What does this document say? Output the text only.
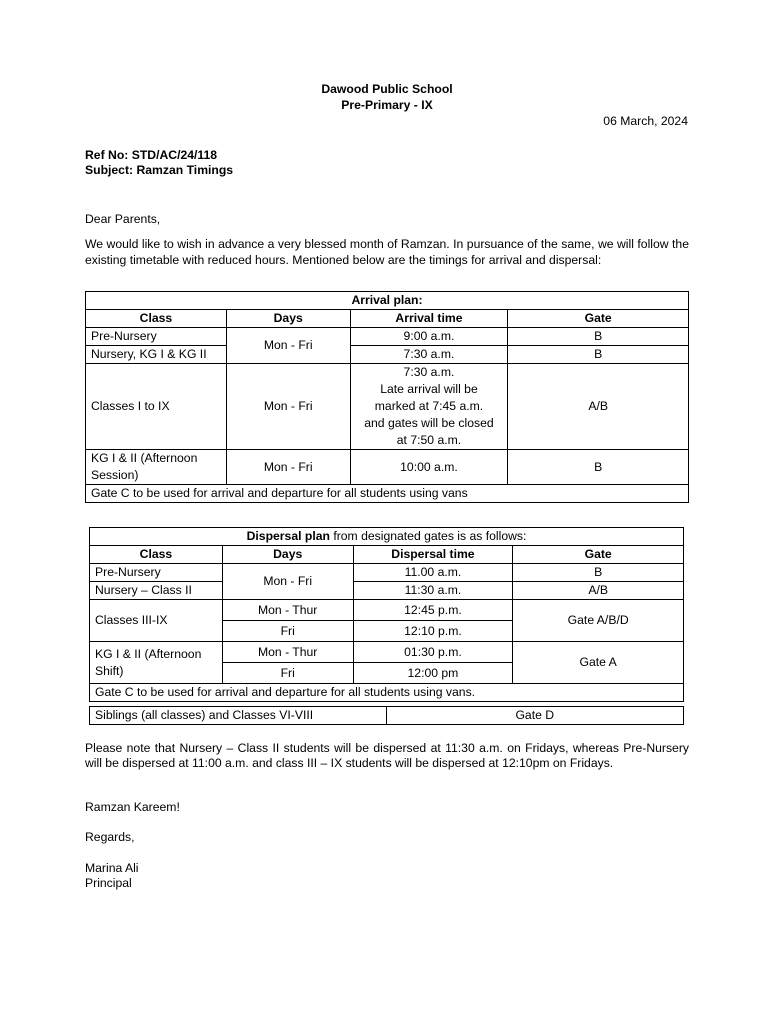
Dawood Public School
Pre-Primary - IX
06 March, 2024
Ref No: STD/AC/24/118
Subject: Ramzan Timings
Dear Parents,
We would like to wish in advance a very blessed month of Ramzan. In pursuance of the same, we will follow the existing timetable with reduced hours. Mentioned below are the timings for arrival and dispersal:
Arrival plan:			
Class	Days	Arrival time	Gate
Pre-Nursery	Mon - Fri	9:00 a.m.	B
Nursery, KG I & KG II		7:30 a.m.	B
Classes I to IX	Mon - Fri	7:30 a.m.
Late arrival will be
marked at 7:45 a.m.
and gates will be closed
at 7:50 a.m.	A/B

KG I & II (Afternoon
Session)	Mon - Fri	10:00 a.m.	B
Gate C to be used for arrival and departure for all students using vans			
Dispersal plan from designated gates is as follows:			
Class	Days	Dispersal time	Gate
Pre-Nursery	Mon - Fri	11.00 a.m.	B
Nursery – Class II		11:30 a.m.	A/B
Classes III-IX	Mon - Thur	12:45 p.m.	Gate A/B/D
	Fri	12:10 p.m.	

KG I & II (Afternoon
Shift)	Mon - Thur	01:30 p.m.	Gate A
	Fri	12:00 pm	
Gate C to be used for arrival and departure for all students using vans.			
Siblings (all classes) and Classes VI-VIII	Gate D
Please note that Nursery – Class II students will be dispersed at 11:30 a.m. on Fridays, whereas Pre-Nursery will be dispersed at 11:00 a.m. and class III – IX students will be dispersed at 12:10pm on Fridays.
Ramzan Kareem!
Regards,
Marina Ali
Principal
